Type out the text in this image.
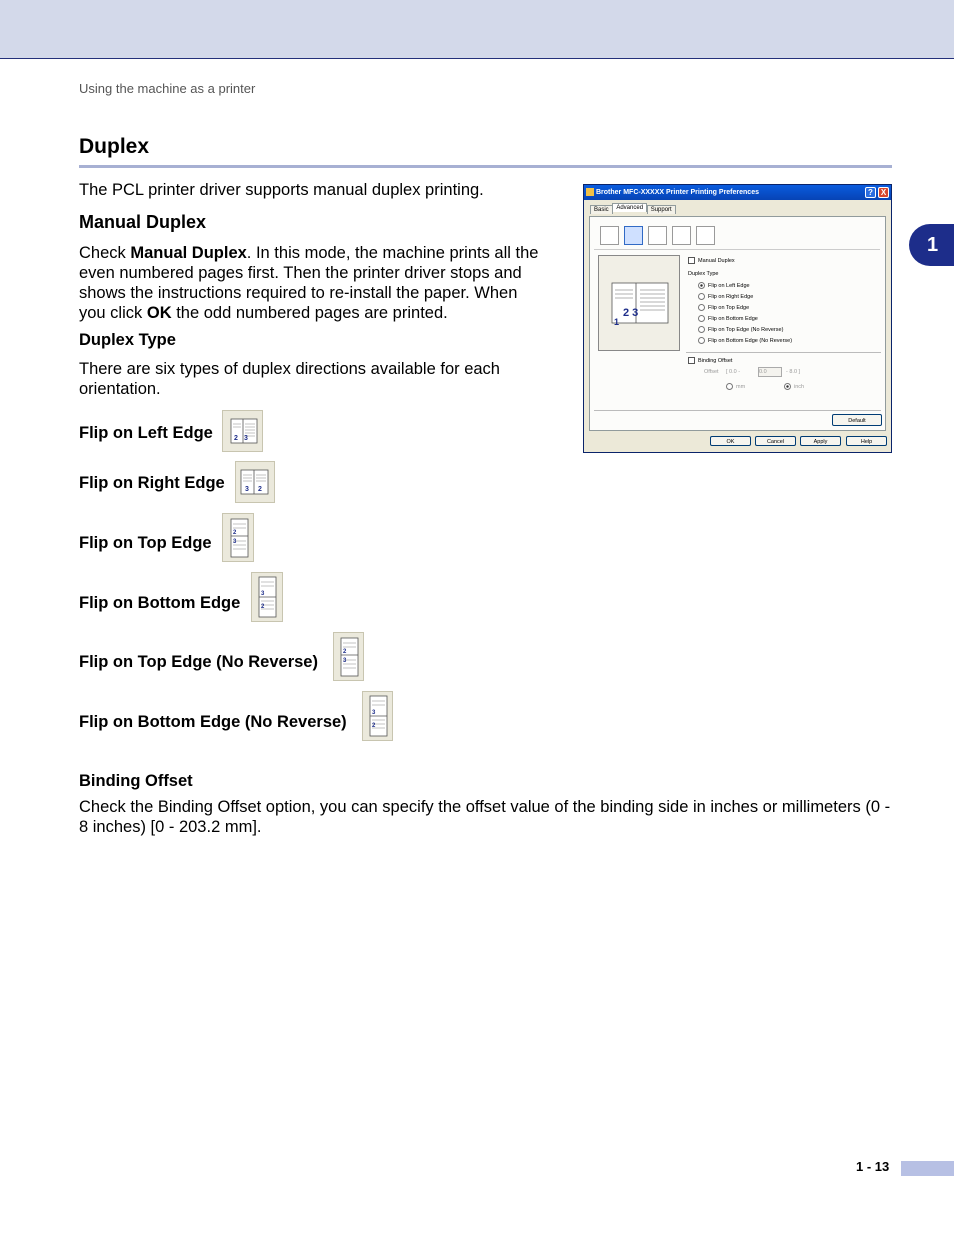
Using the machine as a printer
1
Duplex

The PCL printer driver supports manual duplex printing.

Manual Duplex

Check Manual Duplex. In this mode, the machine prints all the even numbered pages first. Then the printer driver stops and shows the instructions required to re-install the paper. When you click OK the odd numbered pages are printed.

Duplex Type

There are six types of duplex directions available for each orientation.

Flip on Left Edge	2 3
Flip on Right Edge	3 2
Flip on Top Edge
2
3
Flip on Bottom Edge	3
2
Flip on Top Edge (No Reverse)
2
3
Flip on Bottom Edge (No Reverse)	3
2
Binding Offset

Check the Binding Offset option, you can specify the offset value of the binding side in inches or millimeters (0 - 8 inches) [0 - 203.2 mm].

Brother MFC-XXXXX Printer Printing Preferences	? X
Basic Advanced Support
2 3
1
Manual Duplex
Duplex Type
Flip on Left Edge
Flip on Right Edge
Flip on Top Edge
Flip on Bottom Edge
Flip on Top Edge (No Reverse)
Flip on Bottom Edge (No Reverse)
Binding Offset
Offset [ 0.0 -	0.0	- 8.0 ]
mm	inch
Default
OK	Cancel	Apply	Help
1 - 13
